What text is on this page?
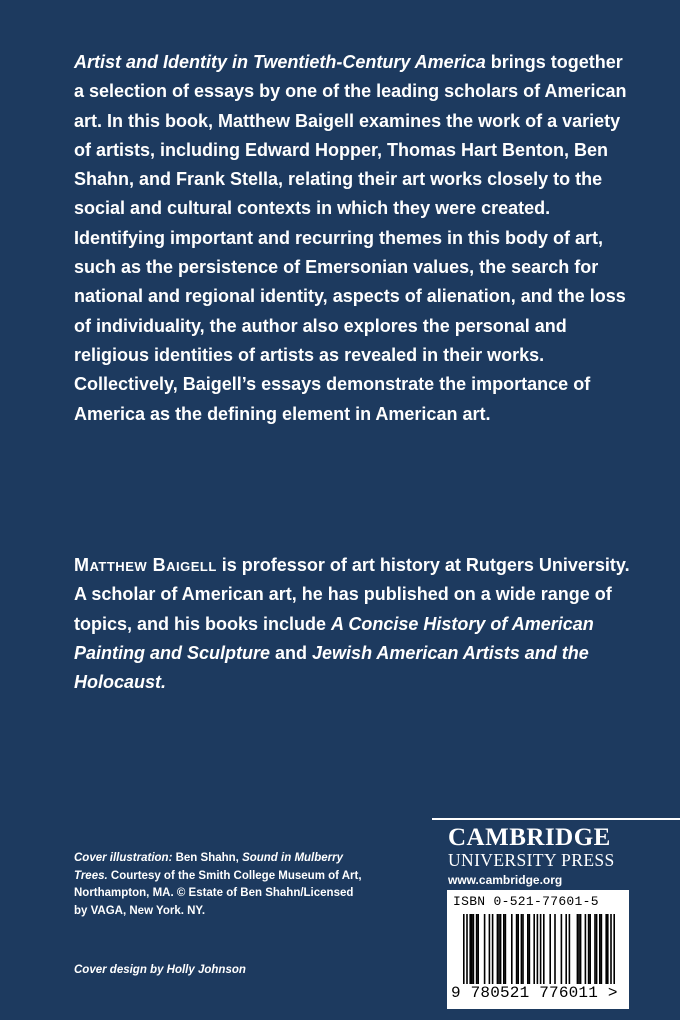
Artist and Identity in Twentieth-Century America brings together a selection of essays by one of the leading scholars of American art. In this book, Matthew Baigell examines the work of a variety of artists, including Edward Hopper, Thomas Hart Benton, Ben Shahn, and Frank Stella, relating their art works closely to the social and cultural contexts in which they were created. Identifying important and recurring themes in this body of art, such as the persistence of Emersonian values, the search for national and regional identity, aspects of alienation, and the loss of individuality, the author also explores the personal and religious identities of artists as revealed in their works. Collectively, Baigell’s essays demonstrate the importance of America as the defining element in American art.

Matthew Baigell is professor of art history at Rutgers University. A scholar of American art, he has published on a wide range of topics, and his books include A Concise History of American Painting and Sculpture and Jewish American Artists and the Holocaust.

Cover illustration: Ben Shahn, Sound in Mulberry Trees. Courtesy of the Smith College Museum of Art, Northampton, MA. © Estate of Ben Shahn/Licensed by VAGA, New York. NY.

Cover design by Holly Johnson

CAMBRIDGE
UNIVERSITY PRESS
www.cambridge.org
ISBN 0-521-77601-5
9 780521 776011 >
